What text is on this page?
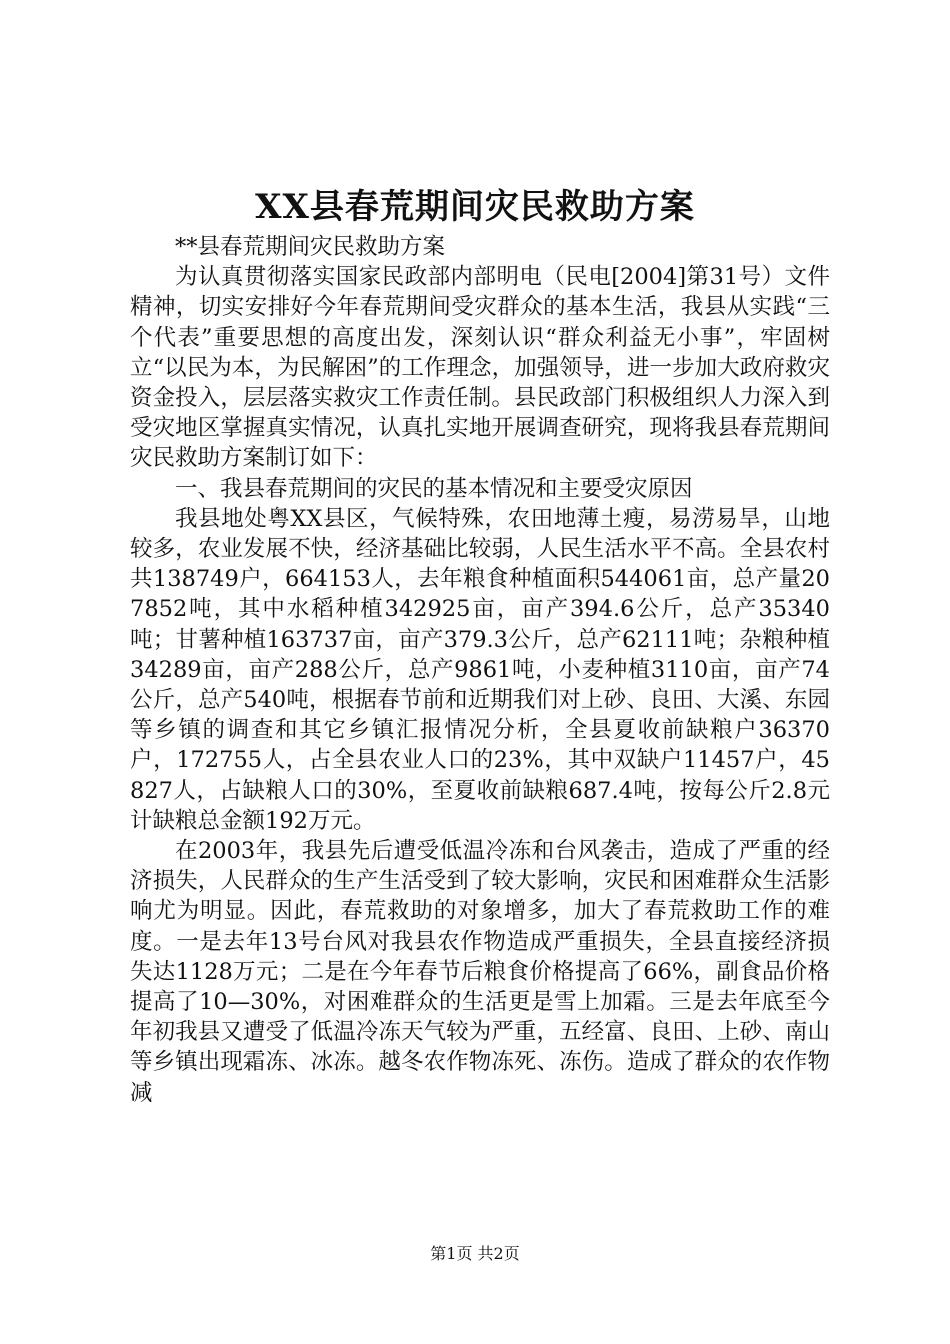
XX县春荒期间灾民救助方案

**县春荒期间灾民救助方案

为认真贯彻落实国家民政部内部明电（民电[2004]第31号）文件精神，切实安排好今年春荒期间受灾群众的基本生活，我县从实践“三个代表”重要思想的高度出发，深刻认识“群众利益无小事”，牢固树立“以民为本，为民解困”的工作理念，加强领导，进一步加大政府救灾资金投入，层层落实救灾工作责任制。县民政部门积极组织人力深入到受灾地区掌握真实情况，认真扎实地开展调查研究，现将我县春荒期间灾民救助方案制订如下：

一、我县春荒期间的灾民的基本情况和主要受灾原因

我县地处粤XX县区，气候特殊，农田地薄土瘦，易涝易旱，山地较多，农业发展不快，经济基础比较弱，人民生活水平不高。全县农村共138749户，664153人，去年粮食种植面积544061亩，总产量207852吨，其中水稻种植342925亩，亩产394.6公斤，总产35340吨；甘薯种植163737亩，亩产379.3公斤，总产62111吨；杂粮种植34289亩，亩产288公斤，总产9861吨，小麦种植3110亩，亩产74公斤，总产540吨，根据春节前和近期我们对上砂、良田、大溪、东园等乡镇的调查和其它乡镇汇报情况分析，全县夏收前缺粮户36370户，172755人，占全县农业人口的23%，其中双缺户11457户，45827人，占缺粮人口的30%，至夏收前缺粮687.4吨，按每公斤2.8元计缺粮总金额192万元。

在2003年，我县先后遭受低温冷冻和台风袭击，造成了严重的经济损失，人民群众的生产生活受到了较大影响，灾民和困难群众生活影响尤为明显。因此，春荒救助的对象增多，加大了春荒救助工作的难度。一是去年13号台风对我县农作物造成严重损失，全县直接经济损失达1128万元；二是在今年春节后粮食价格提高了66%，副食品价格提高了10—30%，对困难群众的生活更是雪上加霜。三是去年底至今年初我县又遭受了低温冷冻天气较为严重，五经富、良田、上砂、南山等乡镇出现霜冻、冰冻。越冬农作物冻死、冻伤。造成了群众的农作物减

第1页 共2页
